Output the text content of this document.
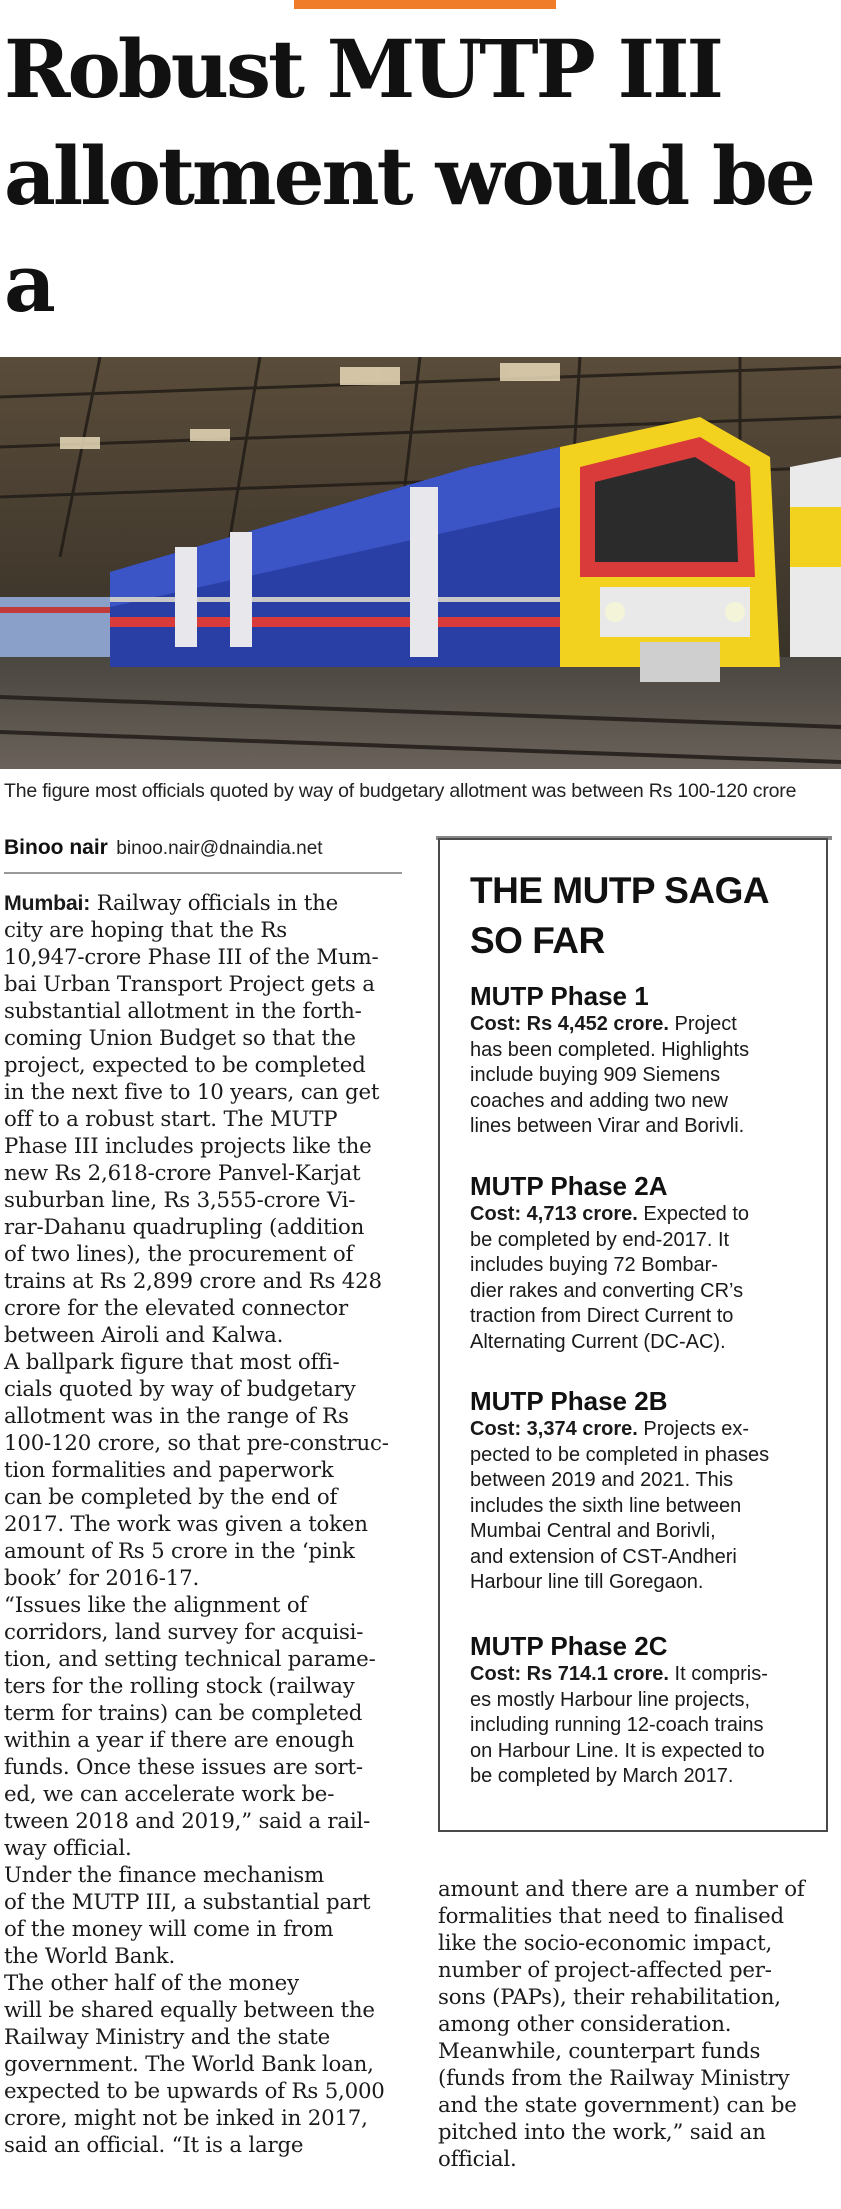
Robust MUTP III
allotment would be a

The figure most officials quoted by way of budgetary allotment was between Rs 100-120 crore
Binoo nair binoo.nair@dnaindia.net

Mumbai: Railway officials in the

city are hoping that the Rs

10,947-crore Phase III of the Mum-

bai Urban Transport Project gets a

substantial allotment in the forth-

coming Union Budget so that the

project, expected to be completed

in the next five to 10 years, can get

off to a robust start. The MUTP

Phase III includes projects like the

new Rs 2,618-crore Panvel-Karjat

suburban line, Rs 3,555-crore Vi-

rar-Dahanu quadrupling (addition

of two lines), the procurement of

trains at Rs 2,899 crore and Rs 428

crore for the elevated connector

between Airoli and Kalwa.

A ballpark figure that most offi-

cials quoted by way of budgetary

allotment was in the range of Rs

100-120 crore, so that pre-construc-

tion formalities and paperwork

can be completed by the end of

2017. The work was given a token

amount of Rs 5 crore in the ‘pink

book’ for 2016-17.

“Issues like the alignment of

corridors, land survey for acquisi-

tion, and setting technical parame-

ters for the rolling stock (railway

term for trains) can be completed

within a year if there are enough

funds. Once these issues are sort-

ed, we can accelerate work be-

tween 2018 and 2019,” said a rail-

way official.

Under the finance mechanism

of the MUTP III, a substantial part

of the money will come in from

the World Bank.

The other half of the money

will be shared equally between the

Railway Ministry and the state

government. The World Bank loan,

expected to be upwards of Rs 5,000

crore, might not be inked in 2017,

said an official. “It is a large

THE MUTP SAGA
SO FAR
MUTP Phase 1

Cost: Rs 4,452 crore. Project

has been completed. Highlights

include buying 909 Siemens

coaches and adding two new

lines between Virar and Borivli.

MUTP Phase 2A

Cost: 4,713 crore. Expected to

be completed by end-2017. It

includes buying 72 Bombar-

dier rakes and converting CR’s

traction from Direct Current to

Alternating Current (DC-AC).

MUTP Phase 2B

Cost: 3,374 crore. Projects ex-

pected to be completed in phases

between 2019 and 2021. This

includes the sixth line between

Mumbai Central and Borivli,

and extension of CST-Andheri

Harbour line till Goregaon.

MUTP Phase 2C

Cost: Rs 714.1 crore. It compris-

es mostly Harbour line projects,

including running 12-coach trains

on Harbour Line. It is expected to

be completed by March 2017.

amount and there are a number of

formalities that need to finalised

like the socio-economic impact,

number of project-affected per-

sons (PAPs), their rehabilitation,

among other consideration.

Meanwhile, counterpart funds

(funds from the Railway Ministry

and the state government) can be

pitched into the work,” said an

official.
